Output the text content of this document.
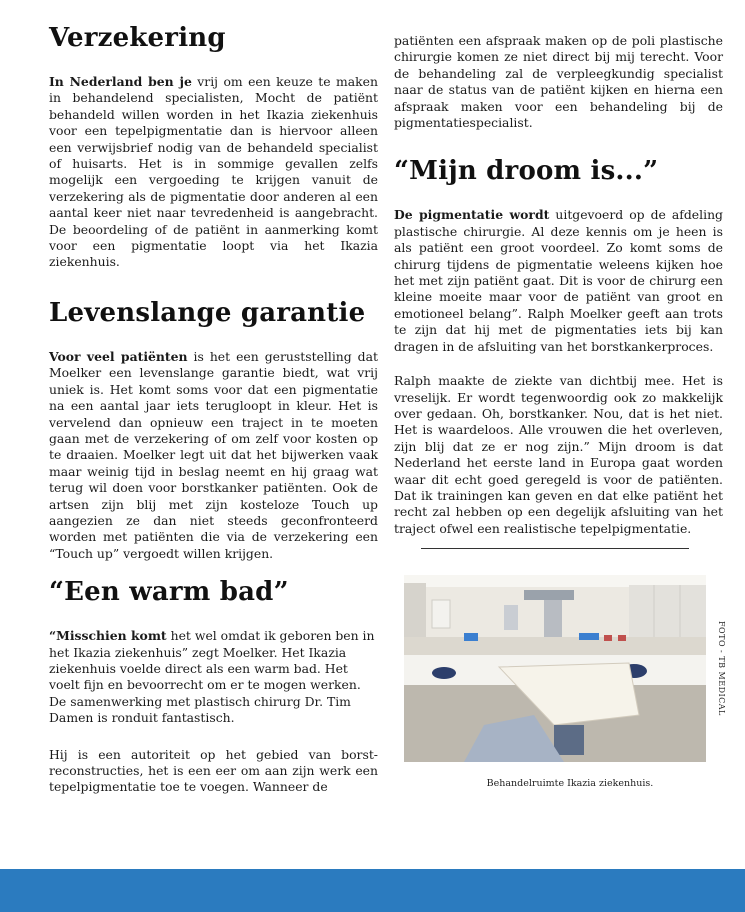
Verzekering

In Nederland ben je vrij om een keuze te maken in behandelend specialisten, Mocht de patiënt behandeld willen worden in het Ikazia ziekenhuis voor een tepelpigmentatie dan is hiervoor alleen een verwijsbrief nodig van de behandeld specialist of huisarts. Het is in sommige gevallen zelfs mogelijk een vergoeding te krijgen vanuit de verzekering als de pigmentatie door anderen al een aantal keer niet naar tevredenheid is aangebracht. De beoordeling of de patiënt in aanmerking komt voor een pigmentatie loopt via het Ikazia ziekenhuis.

Levenslange garantie

Voor veel patiënten is het een geruststelling dat Moelker een levenslange garantie biedt, wat vrij uniek is. Het komt soms voor dat een pigmentatie na een aantal jaar iets terugloopt in kleur. Het is vervelend dan opnieuw een traject in te moeten gaan met de verzekering of om zelf voor kosten op te draaien. Moelker legt uit dat het bijwerken vaak maar weinig tijd in beslag neemt en hij graag wat terug wil doen voor borstkanker patiënten. Ook de artsen zijn blij met zijn kosteloze Touch up aangezien ze dan niet steeds geconfronteerd worden met patiënten die via de verzekering een “Touch up” vergoedt willen krijgen.

“Een warm bad”

“Misschien komt het wel omdat ik geboren ben in het Ikazia ziekenhuis” zegt Moelker. Het Ikazia ziekenhuis voelde direct als een warm bad. Het voelt fijn en bevoorrecht om er te mogen werken. De samenwerking met plastisch chirurg Dr. Tim Damen is ronduit fantastisch.

Hij is een autoriteit op het gebied van borst-reconstructies, het is een eer om aan zijn werk een tepelpigmentatie toe te voegen. Wanneer de

patiënten een afspraak maken op de poli plastische chirurgie komen ze niet direct bij mij terecht. Voor de behandeling zal de verpleegkundig specialist naar de status van de patiënt kijken en hierna een afspraak maken voor een behandeling bij de pigmentatiespecialist.

“Mijn droom is...”

De pigmentatie wordt uitgevoerd op de afdeling plastische chirurgie. Al deze kennis om je heen is als patiënt een groot voordeel. Zo komt soms de chirurg tijdens de pigmentatie weleens kijken hoe het met zijn patiënt gaat. Dit is voor de chirurg een kleine moeite maar voor de patiënt van groot en emotioneel belang”. Ralph Moelker geeft aan trots te zijn dat hij met de pigmentaties iets bij kan dragen in de afsluiting van het borstkankerproces.

Ralph maakte de ziekte van dichtbij mee. Het is vreselijk. Er wordt tegenwoordig ook zo makkelijk over gedaan. Oh, borstkanker. Nou, dat is het niet. Het is waardeloos. Alle vrouwen die het overleven, zijn blij dat ze er nog zijn.” Mijn droom is dat Nederland het eerste land in Europa gaat worden waar dit echt goed geregeld is voor de patiënten. Dat ik trainingen kan geven en dat elke patiënt het recht zal hebben op een degelijk afsluiting van het traject ofwel een realistische tepelpigmentatie.

FOTO - TB MEDICAL
Behandelruimte Ikazia ziekenhuis.
